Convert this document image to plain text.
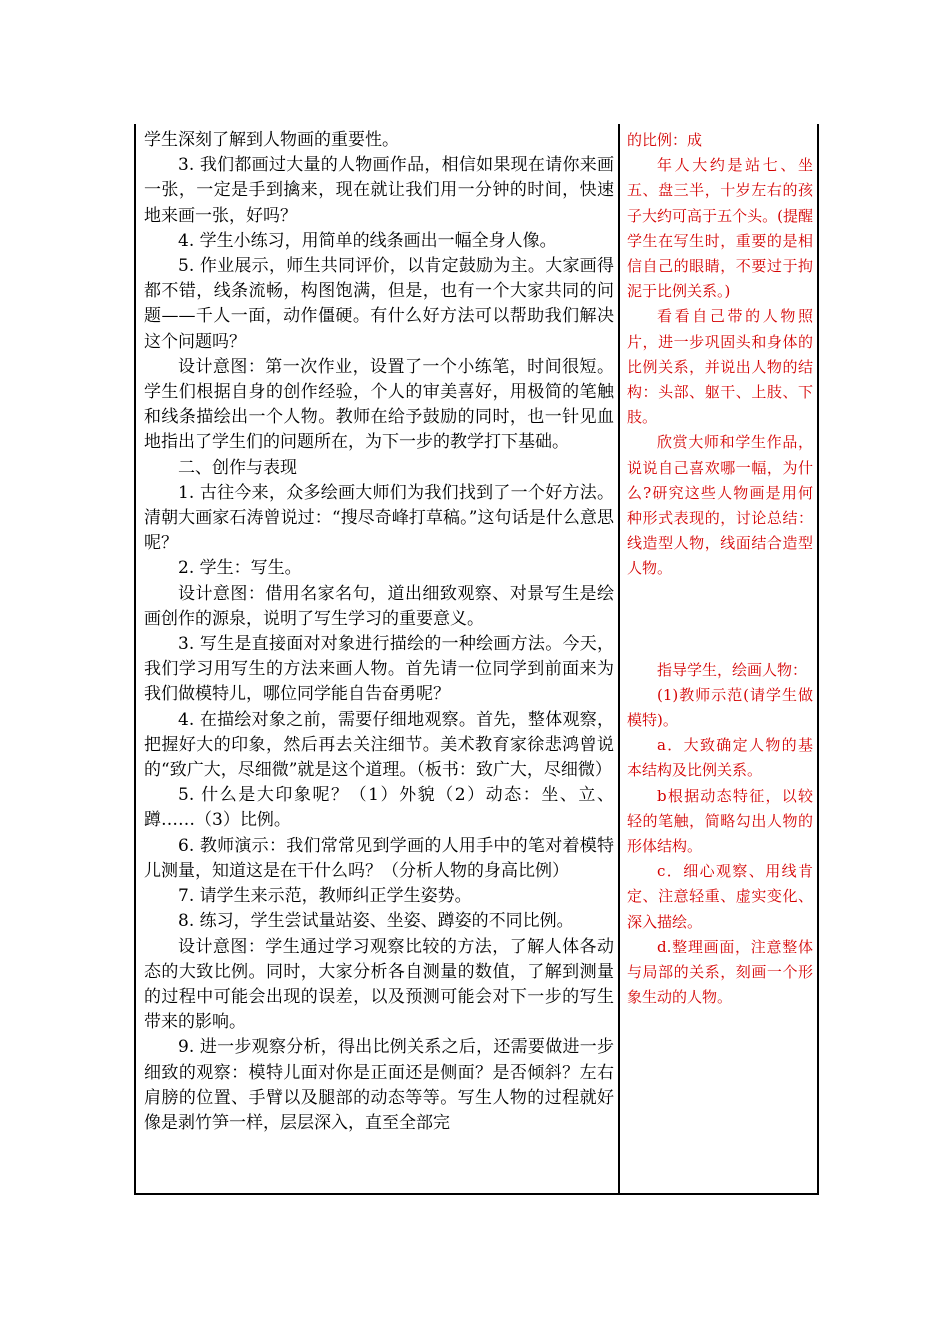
学生深刻了解到人物画的重要性。

3. 我们都画过大量的人物画作品，相信如果现在请你来画一张，一定是手到擒来，现在就让我们用一分钟的时间，快速地来画一张，好吗？

4. 学生小练习，用简单的线条画出一幅全身人像。

5. 作业展示，师生共同评价，以肯定鼓励为主。大家画得都不错，线条流畅，构图饱满，但是，也有一个大家共同的问题——千人一面，动作僵硬。有什么好方法可以帮助我们解决这个问题吗？

设计意图：第一次作业，设置了一个小练笔，时间很短。学生们根据自身的创作经验，个人的审美喜好，用极简的笔触和线条描绘出一个人物。教师在给予鼓励的同时，也一针见血地指出了学生们的问题所在，为下一步的教学打下基础。

二、创作与表现

1. 古往今来，众多绘画大师们为我们找到了一个好方法。清朝大画家石涛曾说过：“搜尽奇峰打草稿。”这句话是什么意思呢？

2. 学生：写生。

设计意图：借用名家名句，道出细致观察、对景写生是绘画创作的源泉，说明了写生学习的重要意义。

3. 写生是直接面对对象进行描绘的一种绘画方法。今天，我们学习用写生的方法来画人物。首先请一位同学到前面来为我们做模特儿，哪位同学能自告奋勇呢？

4. 在描绘对象之前，需要仔细地观察。首先，整体观察，把握好大的印象，然后再去关注细节。美术教育家徐悲鸿曾说的“致广大，尽细微”就是这个道理。（板书：致广大，尽细微）

5. 什么是大印象呢？（1）外貌（2）动态：坐、立、蹲……（3）比例。

6. 教师演示：我们常常见到学画的人用手中的笔对着模特儿测量，知道这是在干什么吗？（分析人物的身高比例）

7. 请学生来示范，教师纠正学生姿势。

8. 练习，学生尝试量站姿、坐姿、蹲姿的不同比例。

设计意图：学生通过学习观察比较的方法，了解人体各动态的大致比例。同时，大家分析各自测量的数值，了解到测量的过程中可能会出现的误差，以及预测可能会对下一步的写生带来的影响。

9. 进一步观察分析，得出比例关系之后，还需要做进一步细致的观察：模特儿面对你是正面还是侧面？是否倾斜？左右肩膀的位置、手臂以及腿部的动态等等。写生人物的过程就好像是剥竹笋一样，层层深入，直至全部完

的比例：成

年人大约是站七、坐五、盘三半，十岁左右的孩子大约可高于五个头。(提醒学生在写生时，重要的是相信自己的眼睛，不要过于拘泥于比例关系。)

看看自己带的人物照片，进一步巩固头和身体的比例关系，并说出人物的结构：头部、躯干、上肢、下肢。

欣赏大师和学生作品，说说自己喜欢哪一幅，为什么?研究这些人物画是用何种形式表现的，讨论总结：线造型人物，线面结合造型人物。

指导学生，绘画人物：

(1)教师示范(请学生做模特)。

a．大致确定人物的基本结构及比例关系。

b根据动态特征，以较轻的笔触，简略勾出人物的形体结构。

c．细心观察、用线肯定、注意轻重、虚实变化、深入描绘。

d.整理画面，注意整体与局部的关系，刻画一个形象生动的人物。
